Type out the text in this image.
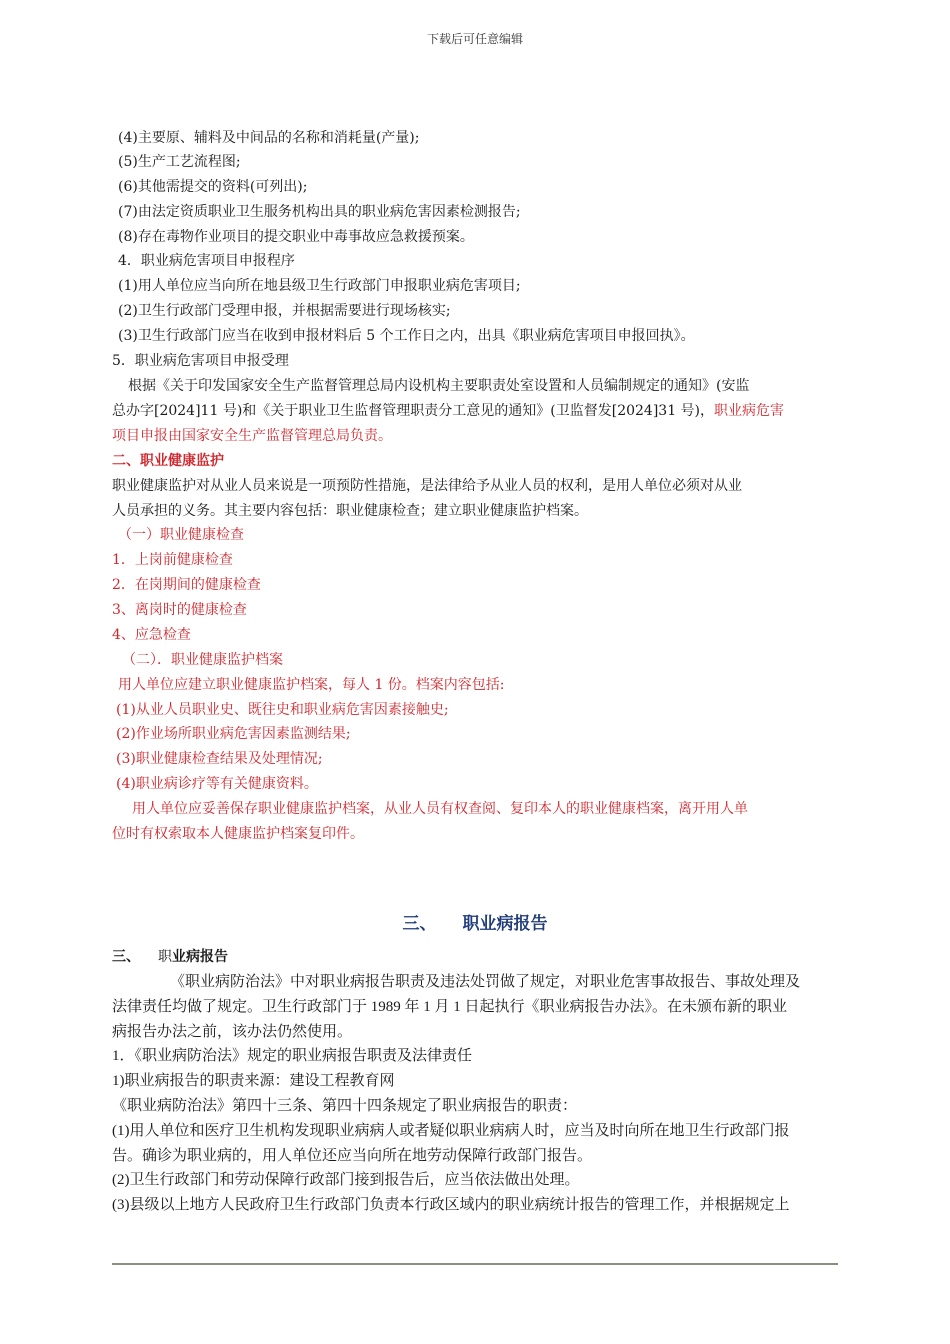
下载后可任意编辑
(4)主要原、辅料及中间品的名称和消耗量(产量);
(5)生产工艺流程图;
(6)其他需提交的资料(可列出);
(7)由法定资质职业卫生服务机构出具的职业病危害因素检测报告;
(8)存在毒物作业项目的提交职业中毒事故应急救援预案。
4．职业病危害项目申报程序
(1)用人单位应当向所在地县级卫生行政部门申报职业病危害项目;
(2)卫生行政部门受理申报，并根据需要进行现场核实;
(3)卫生行政部门应当在收到申报材料后 5 个工作日之内，出具《职业病危害项目申报回执》。
5．职业病危害项目申报受理
根据《关于印发国家安全生产监督管理总局内设机构主要职责处室设置和人员编制规定的通知》(安监
总办字[2024]11 号)和《关于职业卫生监督管理职责分工意见的通知》(卫监督发[2024]31 号)，职业病危害
项目申报由国家安全生产监督管理总局负责。
二、职业健康监护
职业健康监护对从业人员来说是一项预防性措施，是法律给予从业人员的权利，是用人单位必须对从业
人员承担的义务。其主要内容包括：职业健康检查；建立职业健康监护档案。
（一）职业健康检查
1．上岗前健康检查
2．在岗期间的健康检查
3、离岗时的健康检查
4、应急检查
（二）．职业健康监护档案
用人单位应建立职业健康监护档案，每人 1 份。档案内容包括:
(1)从业人员职业史、既往史和职业病危害因素接触史;
(2)作业场所职业病危害因素监测结果;
(3)职业健康检查结果及处理情况;
(4)职业病诊疗等有关健康资料。
用人单位应妥善保存职业健康监护档案，从业人员有权查阅、复印本人的职业健康档案，离开用人单
位时有权索取本人健康监护档案复印件。
三、 职业病报告
三、 职业病报告
《职业病防治法》中对职业病报告职责及违法处罚做了规定，对职业危害事故报告、事故处理及
法律责任均做了规定。卫生行政部门于 1989 年 1 月 1 日起执行《职业病报告办法》。在未颁布新的职业
病报告办法之前，该办法仍然使用。
1．《职业病防治法》规定的职业病报告职责及法律责任
1)职业病报告的职责来源：建设工程教育网
《职业病防治法》第四十三条、第四十四条规定了职业病报告的职责：
(1)用人单位和医疗卫生机构发现职业病病人或者疑似职业病病人时，应当及时向所在地卫生行政部门报
告。确诊为职业病的，用人单位还应当向所在地劳动保障行政部门报告。
(2)卫生行政部门和劳动保障行政部门接到报告后，应当依法做出处理。
(3)县级以上地方人民政府卫生行政部门负责本行政区域内的职业病统计报告的管理工作，并根据规定上
